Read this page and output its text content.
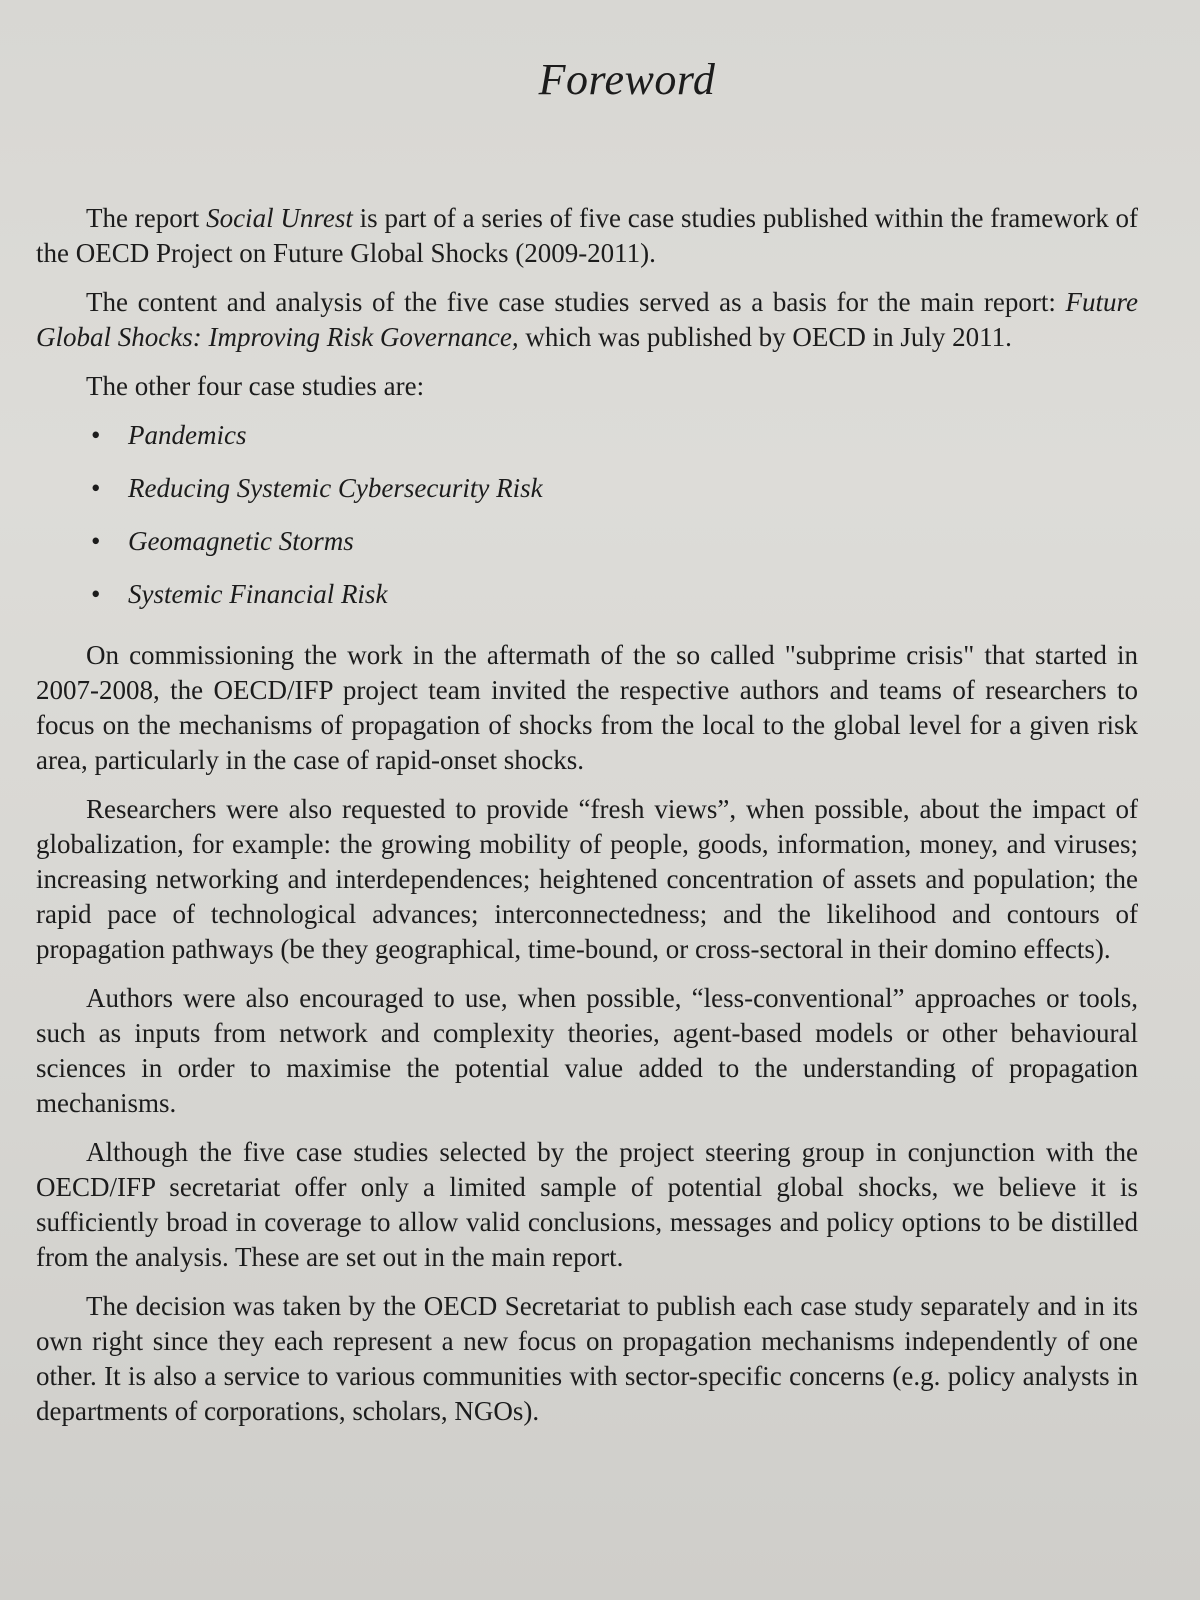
Foreword

The report Social Unrest is part of a series of five case studies published within the framework of the OECD Project on Future Global Shocks (2009-2011).

The content and analysis of the five case studies served as a basis for the main report: Future Global Shocks: Improving Risk Governance, which was published by OECD in July 2011.

The other four case studies are:

• Pandemics
• Reducing Systemic Cybersecurity Risk
• Geomagnetic Storms
• Systemic Financial Risk

On commissioning the work in the aftermath of the so called "subprime crisis" that started in 2007-2008, the OECD/IFP project team invited the respective authors and teams of researchers to focus on the mechanisms of propagation of shocks from the local to the global level for a given risk area, particularly in the case of rapid-onset shocks.

Researchers were also requested to provide “fresh views”, when possible, about the impact of globalization, for example: the growing mobility of people, goods, information, money, and viruses; increasing networking and interdependences; heightened concentration of assets and population; the rapid pace of technological advances; interconnectedness; and the likelihood and contours of propagation pathways (be they geographical, time-bound, or cross-sectoral in their domino effects).

Authors were also encouraged to use, when possible, “less-conventional” approaches or tools, such as inputs from network and complexity theories, agent-based models or other behavioural sciences in order to maximise the potential value added to the understanding of propagation mechanisms.

Although the five case studies selected by the project steering group in conjunction with the OECD/IFP secretariat offer only a limited sample of potential global shocks, we believe it is sufficiently broad in coverage to allow valid conclusions, messages and policy options to be distilled from the analysis. These are set out in the main report.

The decision was taken by the OECD Secretariat to publish each case study separately and in its own right since they each represent a new focus on propagation mechanisms independently of one other. It is also a service to various communities with sector-specific concerns (e.g. policy analysts in departments of corporations, scholars, NGOs).
